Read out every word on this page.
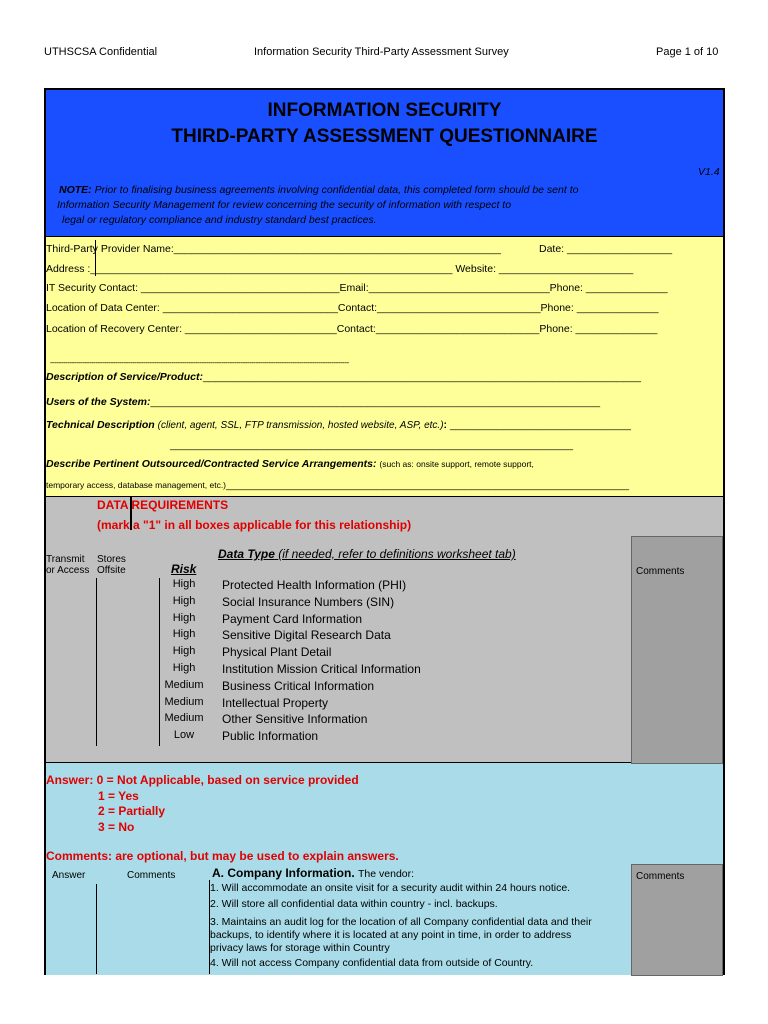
UTHSCSA Confidential	Information Security Third-Party Assessment Survey	Page 1 of 10
INFORMATION SECURITY
THIRD-PARTY ASSESSMENT QUESTIONNAIRE
V1.4
NOTE: Prior to finalising business agreements involving confidential data, this completed form should be sent to
Information Security Management for review concerning the security of information with respect to
legal or regulatory compliance and industry standard best practices.
Third-Party Provider Name:________________________________________________________	Date: __________________
Address :______________________________________________________________ Website: _______________________
IT Security Contact: __________________________________Email:_______________________________Phone: ______________
Location of Data Center: ______________________________Contact:____________________________Phone: ______________
Location of Recovery Center: __________________________Contact:____________________________Phone: ______________
------------------------------------------------------------------------------------------------------------------------------------------
Description of Service/Product:___________________________________________________________________________
Users of the System:_____________________________________________________________________________
Technical Description (client, agent, SSL, FTP transmission, hosted website, ASP, etc.): _______________________________
_____________________________________________________________________
Describe Pertinent Outsourced/Contracted Service Arrangements: (such as: onsite support, remote support,
temporary access, database management, etc.)_____________________________________________________________________
DATA REQUIREMENTS
(mark a "1" in all boxes applicable for this relationship)
Transmit
or Access
Stores
Offsite	Risk
Data Type (if needed, refer to definitions worksheet tab)
Comments
High	Protected Health Information (PHI)
High	Social Insurance Numbers (SIN)
High	Payment Card Information
High	Sensitive Digital Research Data
High	Physical Plant Detail
High	Institution Mission Critical Information
Medium	Business Critical Information
Medium	Intellectual Property
Medium	Other Sensitive Information
Low	Public Information
Answer: 0 = Not Applicable, based on service provided
1 = Yes
2 = Partially
3 = No
Comments: are optional, but may be used to explain answers.
Answer	Comments	Comments
A. Company Information. The vendor:
1. Will accommodate an onsite visit for a security audit within 24 hours notice.
2. Will store all confidential data within country - incl. backups.
3. Maintains an audit log for the location of all Company confidential data and their
backups, to identify where it is located at any point in time, in order to address
privacy laws for storage within Country
4. Will not access Company confidential data from outside of Country.
